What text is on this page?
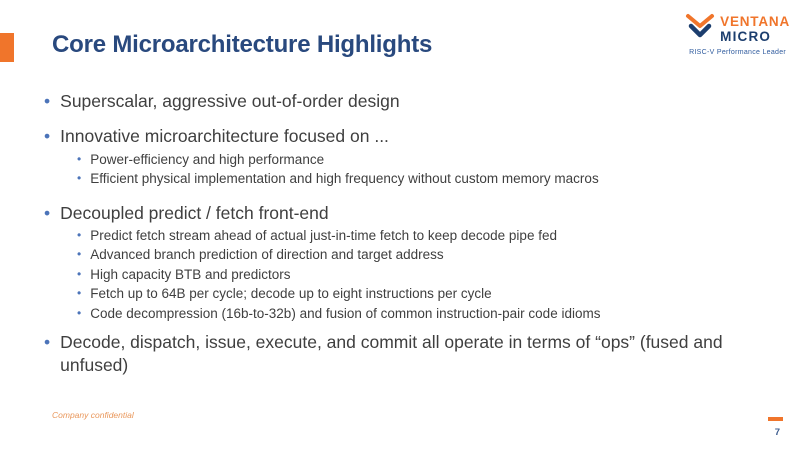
Core Microarchitecture Highlights
VENTANA
MICRO
RISC-V Performance Leader
•
Superscalar, aggressive out-of-order design
•
Innovative microarchitecture focused on ...
•
Power-efficiency and high performance
•
Efficient physical implementation and high frequency without custom memory macros
•
Decoupled predict / fetch front-end
•
Predict fetch stream ahead of actual just-in-time fetch to keep decode pipe fed
•
Advanced branch prediction of direction and target address
•
High capacity BTB and predictors
•
Fetch up to 64B per cycle; decode up to eight instructions per cycle
•
Code decompression (16b-to-32b) and fusion of common instruction-pair code idioms
•
Decode, dispatch, issue, execute, and commit all operate in terms of “ops” (fused and unfused)
Company confidential
7
